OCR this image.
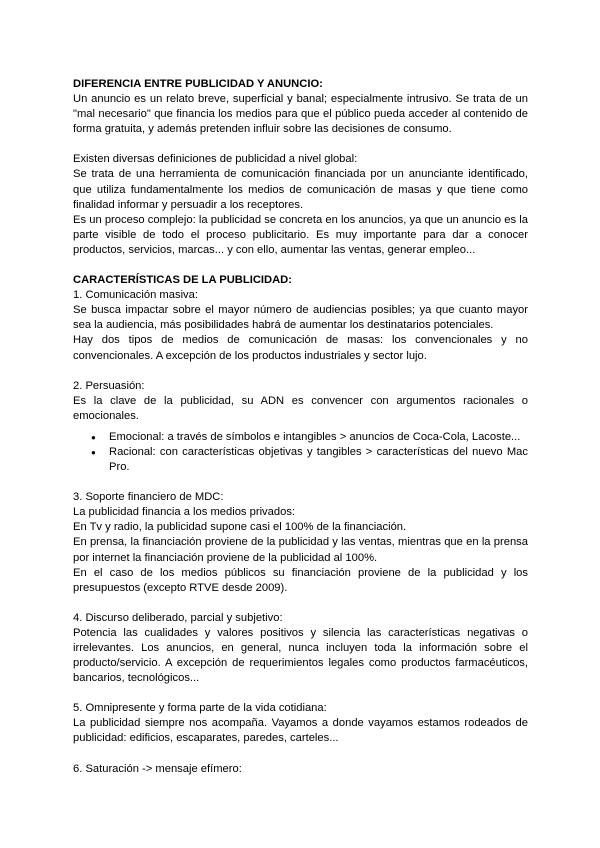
DIFERENCIA ENTRE PUBLICIDAD Y ANUNCIO:

Un anuncio es un relato breve, superficial y banal; especialmente intrusivo. Se trata de un "mal necesario" que financia los medios para que el público pueda acceder al contenido de forma gratuita, y además pretenden influir sobre las decisiones de consumo.

Existen diversas definiciones de publicidad a nivel global:

Se trata de una herramienta de comunicación financiada por un anunciante identificado, que utiliza fundamentalmente los medios de comunicación de masas y que tiene como finalidad informar y persuadir a los receptores.

Es un proceso complejo: la publicidad se concreta en los anuncios, ya que un anuncio es la parte visible de todo el proceso publicitario. Es muy importante para dar a conocer productos, servicios, marcas... y con ello, aumentar las ventas, generar empleo...

CARACTERÍSTICAS DE LA PUBLICIDAD:

1. Comunicación masiva:

Se busca impactar sobre el mayor número de audiencias posibles; ya que cuanto mayor sea la audiencia, más posibilidades habrá de aumentar los destinatarios potenciales.

Hay dos tipos de medios de comunicación de masas: los convencionales y no convencionales. A excepción de los productos industriales y sector lujo.

2. Persuasión:

Es la clave de la publicidad, su ADN es convencer con argumentos racionales o emocionales.

● Emocional: a través de símbolos e intangibles > anuncios de Coca-Cola, Lacoste...
● Racional: con características objetivas y tangibles > características del nuevo Mac Pro.

3. Soporte financiero de MDC:

La publicidad financia a los medios privados:

En Tv y radio, la publicidad supone casi el 100% de la financiación.

En prensa, la financiación proviene de la publicidad y las ventas, mientras que en la prensa por internet la financiación proviene de la publicidad al 100%.

En el caso de los medios públicos su financiación proviene de la publicidad y los presupuestos (excepto RTVE desde 2009).

4. Discurso deliberado, parcial y subjetivo:

Potencia las cualidades y valores positivos y silencia las características negativas o irrelevantes. Los anuncios, en general, nunca incluyen toda la información sobre el producto/servicio. A excepción de requerimientos legales como productos farmacéuticos, bancarios, tecnológicos...

5. Omnipresente y forma parte de la vida cotidiana:

La publicidad siempre nos acompaña. Vayamos a donde vayamos estamos rodeados de publicidad: edificios, escaparates, paredes, carteles...

6. Saturación -> mensaje efímero:
